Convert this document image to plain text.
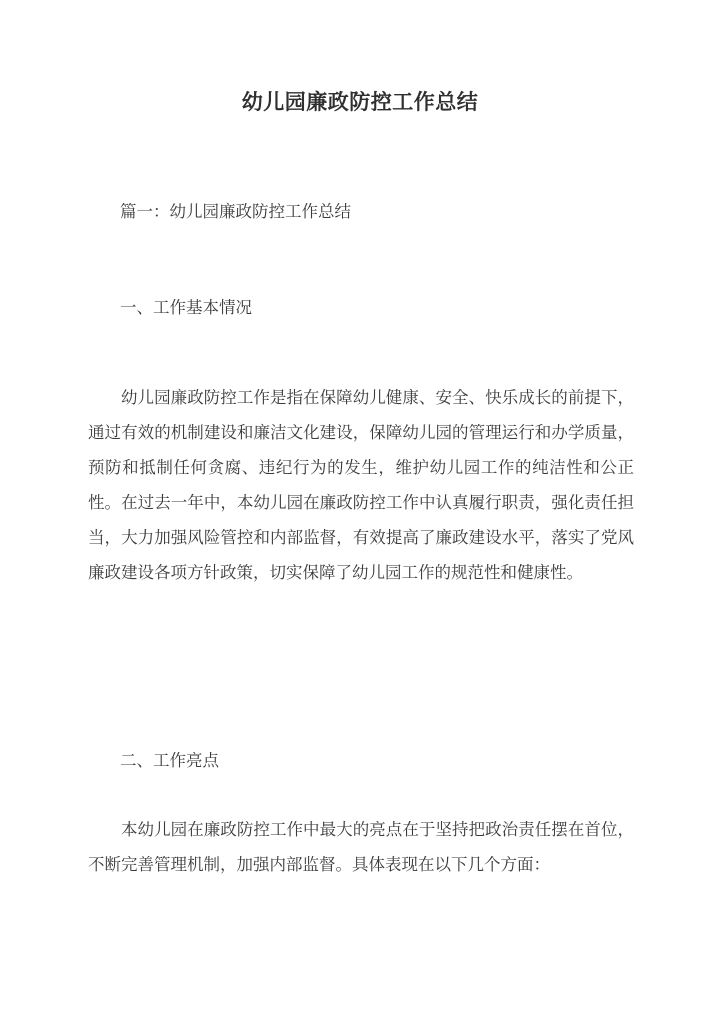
幼儿园廉政防控工作总结
篇一：幼儿园廉政防控工作总结
一、工作基本情况

幼儿园廉政防控工作是指在保障幼儿健康、安全、快乐成长的前提下，通过有效的机制建设和廉洁文化建设，保障幼儿园的管理运行和办学质量，预防和抵制任何贪腐、违纪行为的发生，维护幼儿园工作的纯洁性和公正性。在过去一年中，本幼儿园在廉政防控工作中认真履行职责，强化责任担当，大力加强风险管控和内部监督，有效提高了廉政建设水平，落实了党风廉政建设各项方针政策，切实保障了幼儿园工作的规范性和健康性。

二、工作亮点

本幼儿园在廉政防控工作中最大的亮点在于坚持把政治责任摆在首位，不断完善管理机制，加强内部监督。具体表现在以下几个方面：
